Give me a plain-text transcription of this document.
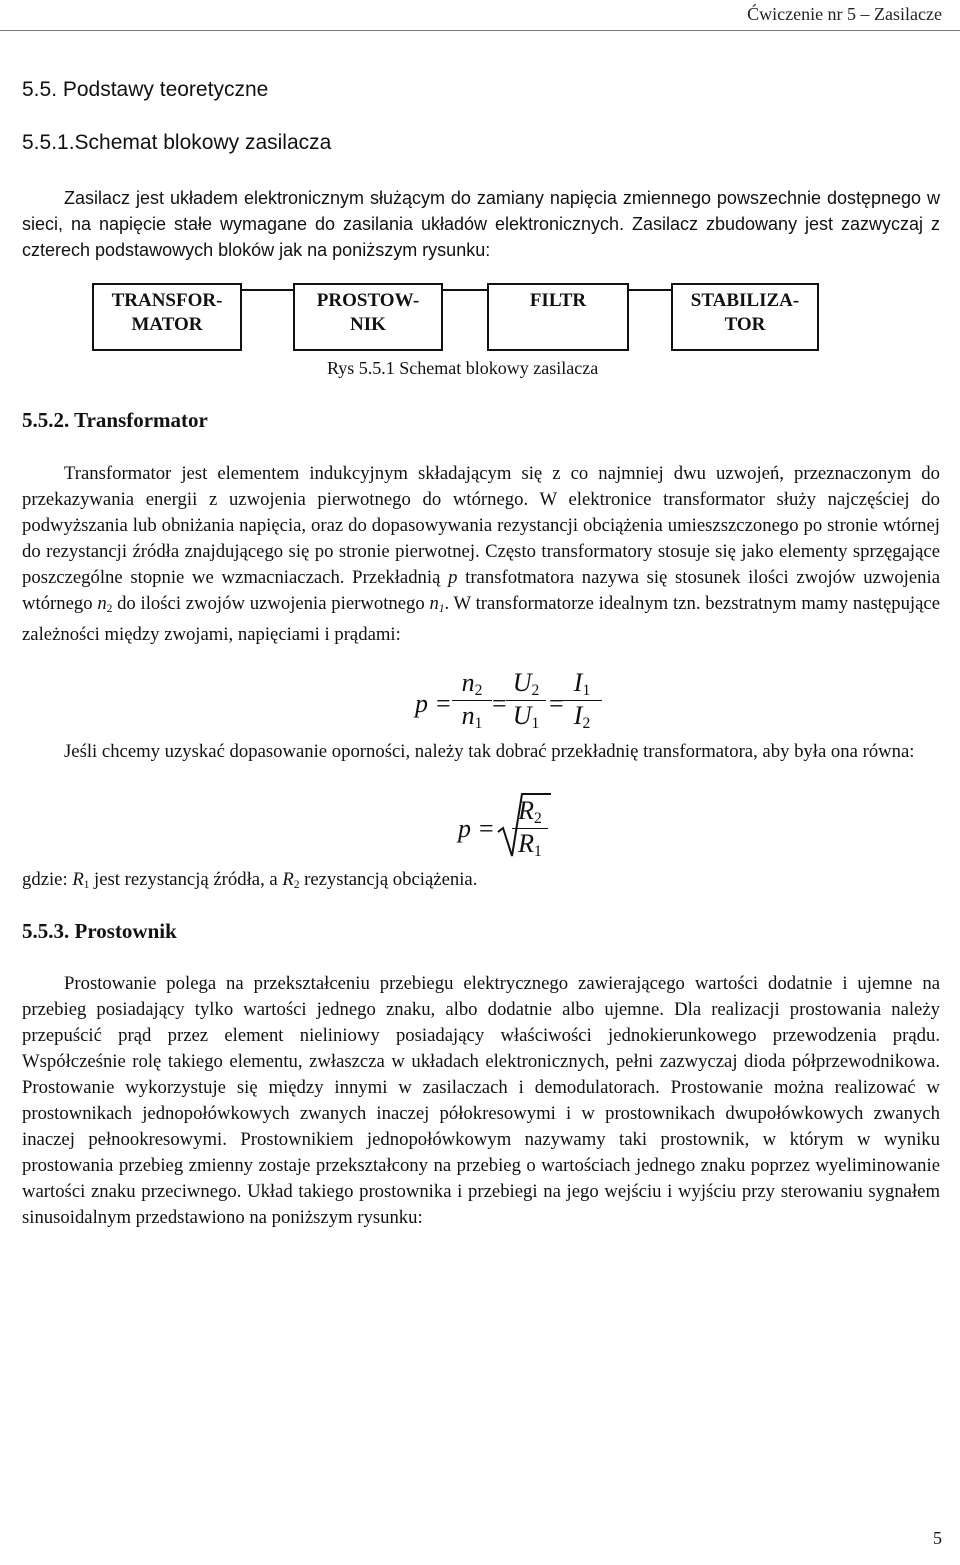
Ćwiczenie nr 5 – Zasilacze
5.5. Podstawy teoretyczne
5.5.1.Schemat blokowy zasilacza

Zasilacz jest układem elektronicznym służącym do zamiany napięcia zmiennego powszechnie dostępnego w sieci, na napięcie stałe wymagane do zasilania układów elektronicznych. Zasilacz zbudowany jest zazwyczaj z czterech podstawowych bloków jak na poniższym rysunku:

TRANSFOR-
MATOR
PROSTOW-
NIK
FILTR	STABILIZA-
TOR
Rys 5.5.1 Schemat blokowy zasilacza
5.5.2. Transformator

Transformator jest elementem indukcyjnym składającym się z co najmniej dwu uzwojeń, przeznaczonym do przekazywania energii z uzwojenia pierwotnego do wtórnego. W elektronice transformator służy najczęściej do podwyższania lub obniżania napięcia, oraz do dopasowywania rezystancji obciążenia umieszszczonego po stronie wtórnej do rezystancji źródła znajdującego się po stronie pierwotnej. Często transformatory stosuje się jako elementy sprzęgające poszczególne stopnie we wzmacniaczach. Przekładnią p transfotmatora nazywa się stosunek ilości zwojów uzwojenia wtórnego $n_2$ do ilości zwojów uzwojenia pierwotnego $n_1$. W transformatorze idealnym tzn. bezstratnym mamy następujące zależności między zwojami, napięciami i prądami:

p =
$n_2$
$n_1$
=
$U_2$
$U_1$
=
$I_1$
$I_2$

Jeśli chcemy uzyskać dopasowanie oporności, należy tak dobrać przekładnię transformatora, aby była ona równa:

p =
$R_2$
$R_1$

gdzie: $R_1$ jest rezystancją źródła, a $R_2$ rezystancją obciążenia.

5.5.3. Prostownik

Prostowanie polega na przekształceniu przebiegu elektrycznego zawierającego wartości dodatnie i ujemne na przebieg posiadający tylko wartości jednego znaku, albo dodatnie albo ujemne. Dla realizacji prostowania należy przepuścić prąd przez element nieliniowy posiadający właściwości jednokierunkowego przewodzenia prądu. Współcześnie rolę takiego elementu, zwłaszcza w układach elektronicznych, pełni zazwyczaj dioda półprzewodnikowa. Prostowanie wykorzystuje się między innymi w zasilaczach i demodulatorach. Prostowanie można realizować w prostownikach jednopołówkowych zwanych inaczej półokresowymi i w prostownikach dwupołówkowych zwanych inaczej pełnookresowymi. Prostownikiem jednopołówkowym nazywamy taki prostownik, w którym w wyniku prostowania przebieg zmienny zostaje przekształcony na przebieg o wartościach jednego znaku poprzez wyeliminowanie wartości znaku przeciwnego. Układ takiego prostownika i przebiegi na jego wejściu i wyjściu przy sterowaniu sygnałem sinusoidalnym przedstawiono na poniższym rysunku:

5
